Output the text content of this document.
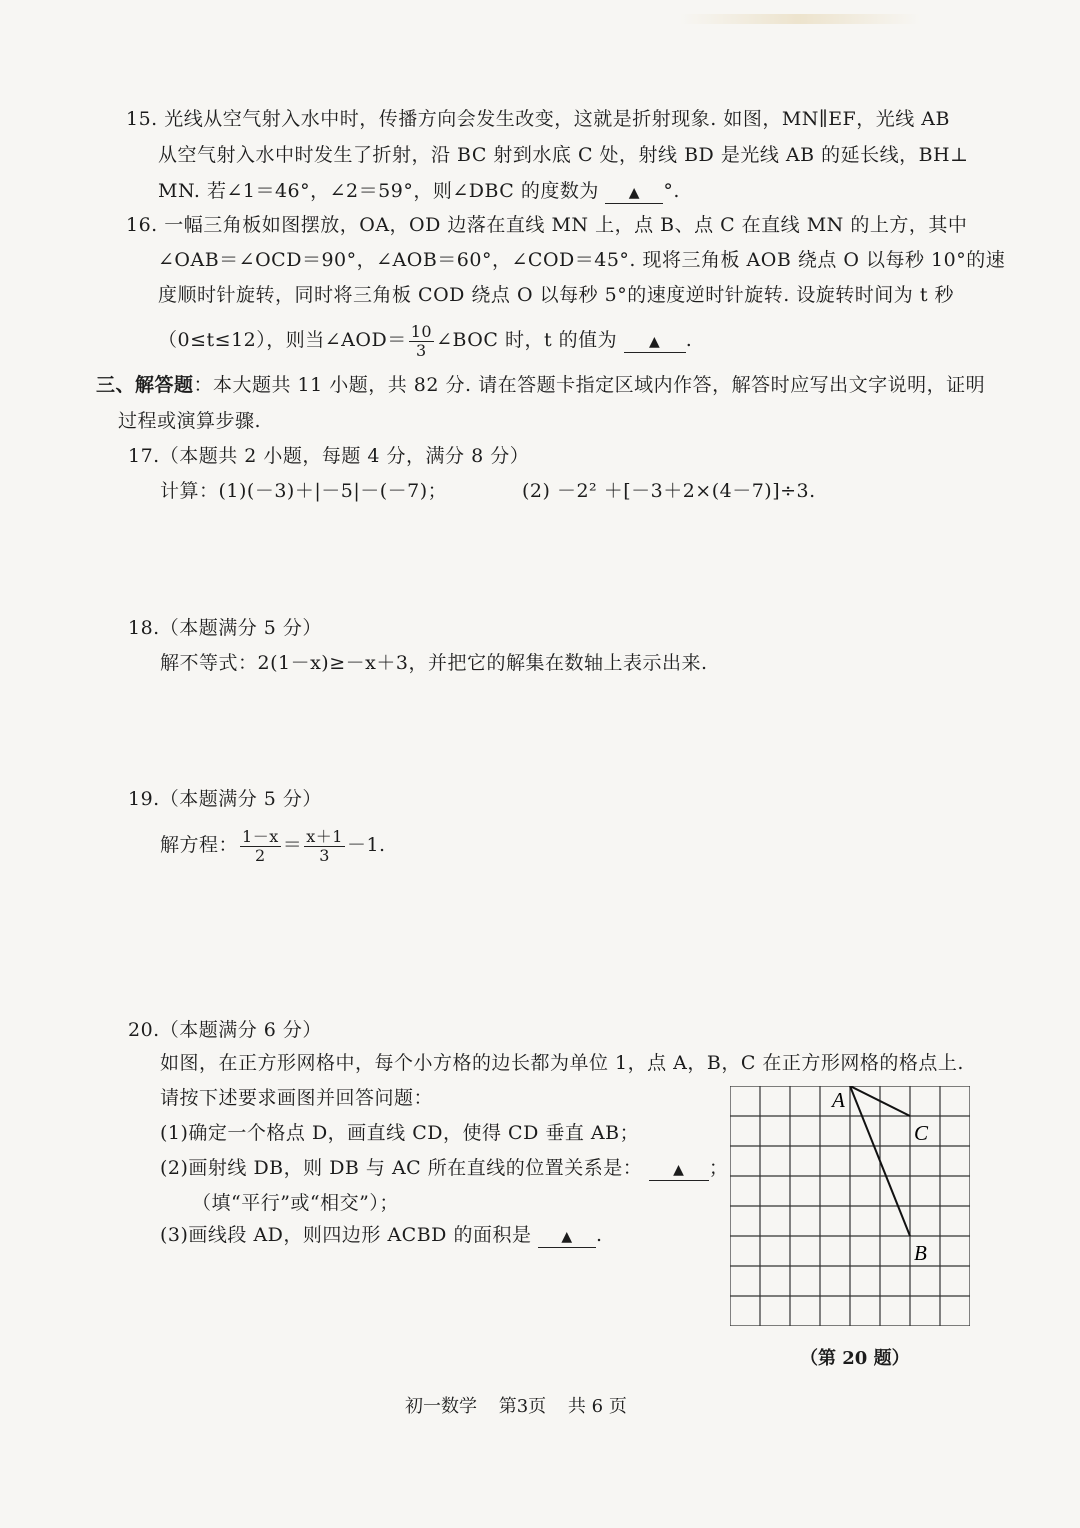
15. 光线从空气射入水中时，传播方向会发生改变，这就是折射现象. 如图，MN∥EF，光线 AB
从空气射入水中时发生了折射，沿 BC 射到水底 C 处，射线 BD 是光线 AB 的延长线，BH⊥
MN. 若∠1＝46°，∠2＝59°，则∠DBC 的度数为 ▲ °.
16. 一幅三角板如图摆放，OA，OD 边落在直线 MN 上，点 B、点 C 在直线 MN 的上方，其中
∠OAB＝∠OCD＝90°，∠AOB＝60°，∠COD＝45°. 现将三角板 AOB 绕点 O 以每秒 10°的速
度顺时针旋转，同时将三角板 COD 绕点 O 以每秒 5°的速度逆时针旋转. 设旋转时间为 t 秒
（0≤t≤12），则当∠AOD＝ $\frac{10}{3}$ ∠BOC 时，t 的值为 ▲ .
三、解答题：本大题共 11 小题，共 82 分. 请在答题卡指定区域内作答，解答时应写出文字说明，证明
过程或演算步骤.
17.（本题共 2 小题，每题 4 分，满分 8 分）
计算：(1)(－3)＋|－5|－(－7)；	(2) －2² ＋[－3＋2×(4－7)]÷3.
18.（本题满分 5 分）
解不等式：2(1－x)≥－x＋3，并把它的解集在数轴上表示出来.
19.（本题满分 5 分）
解方程： $\frac{1-x}{2} = \frac{x+1}{3} -1$.
20.（本题满分 6 分）
如图，在正方形网格中，每个小方格的边长都为单位 1，点 A，B，C 在正方形网格的格点上.
请按下述要求画图并回答问题：
(1)确定一个格点 D，画直线 CD，使得 CD 垂直 AB；
(2)画射线 DB，则 DB 与 AC 所在直线的位置关系是： ▲ ；
（填“平行”或“相交”）；
(3)画线段 AD，则四边形 ACBD 的面积是 ▲ .
A
C
B
（第 20 题）
初一数学 第3页 共 6 页
